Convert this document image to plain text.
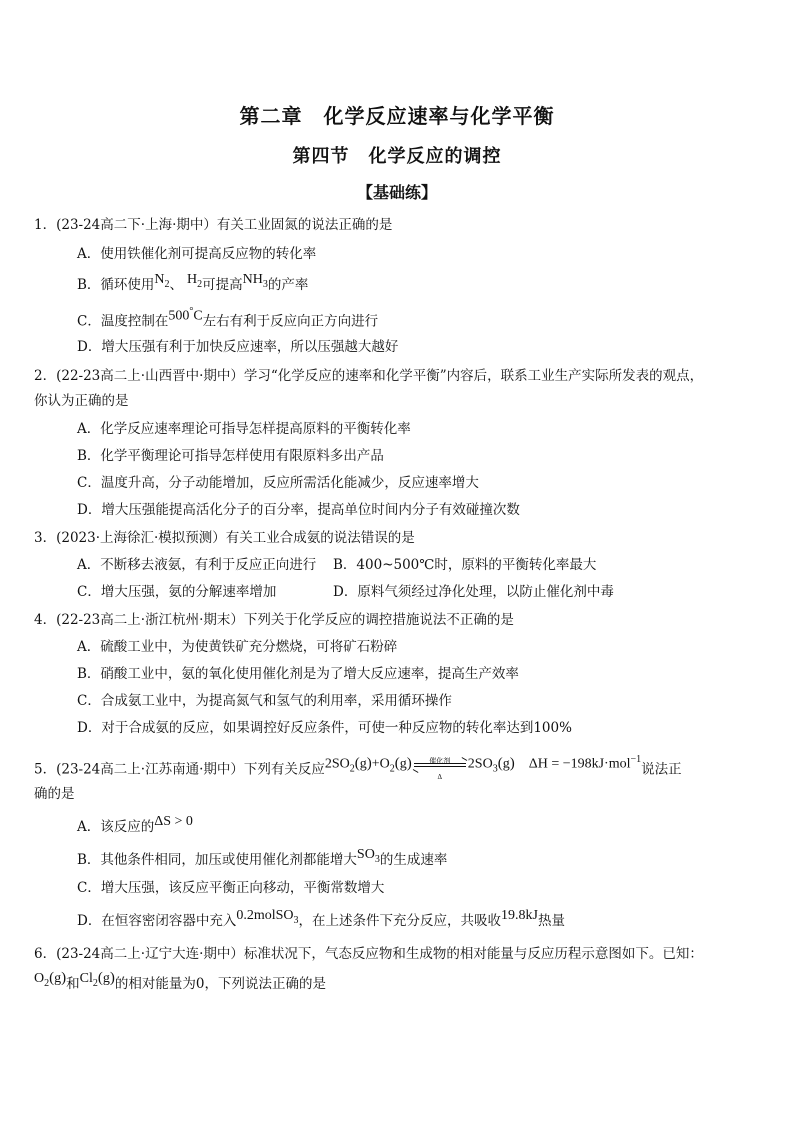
第二章　化学反应速率与化学平衡
第四节　化学反应的调控
【基础练】
1．(23-24高二下·上海·期中）有关工业固氮的说法正确的是
A．使用铁催化剂可提高反应物的转化率
B．循环使用$N_2$、 $H_2$可提高$NH_3$的产率
C．温度控制在500°C左右有利于反应向正方向进行
D．增大压强有利于加快反应速率，所以压强越大越好
2．(22-23高二上·山西晋中·期中）学习“化学反应的速率和化学平衡”内容后，联系工业生产实际所发表的观点，
你认为正确的是
A．化学反应速率理论可指导怎样提高原料的平衡转化率
B．化学平衡理论可指导怎样使用有限原料多出产品
C．温度升高，分子动能增加，反应所需活化能减少，反应速率增大
D．增大压强能提高活化分子的百分率，提高单位时间内分子有效碰撞次数
3．(2023·上海徐汇·模拟预测）有关工业合成氨的说法错误的是
A．不断移去液氨，有利于反应正向进行 B．400~500℃时，原料的平衡转化率最大
C．增大压强，氨的分解速率增加	D．原料气须经过净化处理，以防止催化剂中毒
4．(22-23高二上·浙江杭州·期末）下列关于化学反应的调控措施说法不正确的是
A．硫酸工业中，为使黄铁矿充分燃烧，可将矿石粉碎
B．硝酸工业中，氨的氧化使用催化剂是为了增大反应速率，提高生产效率
C．合成氨工业中，为提高氮气和氢气的利用率，采用循环操作
D．对于合成氨的反应，如果调控好反应条件，可使一种反应物的转化率达到100%
5．(23-24高二上·江苏南通·期中）下列有关反应$2SO_2(g)+O_2(g)$	催化剂
Δ
$2SO_3(g) \Delta H = -198kJ\cdot mol^{-1}$说法正
确的是
A．该反应的ΔS > 0
B．其他条件相同，加压或使用催化剂都能增大$SO_3$的生成速率
C．增大压强，该反应平衡正向移动，平衡常数增大
D．在恒容密闭容器中充入0.2molSO$_3$，在上述条件下充分反应，共吸收19.8kJ热量
6．(23-24高二上·辽宁大连·期中）标准状况下，气态反应物和生成物的相对能量与反应历程示意图如下。已知：
$O_2(g)$和$Cl_2(g)$的相对能量为0，下列说法正确的是
